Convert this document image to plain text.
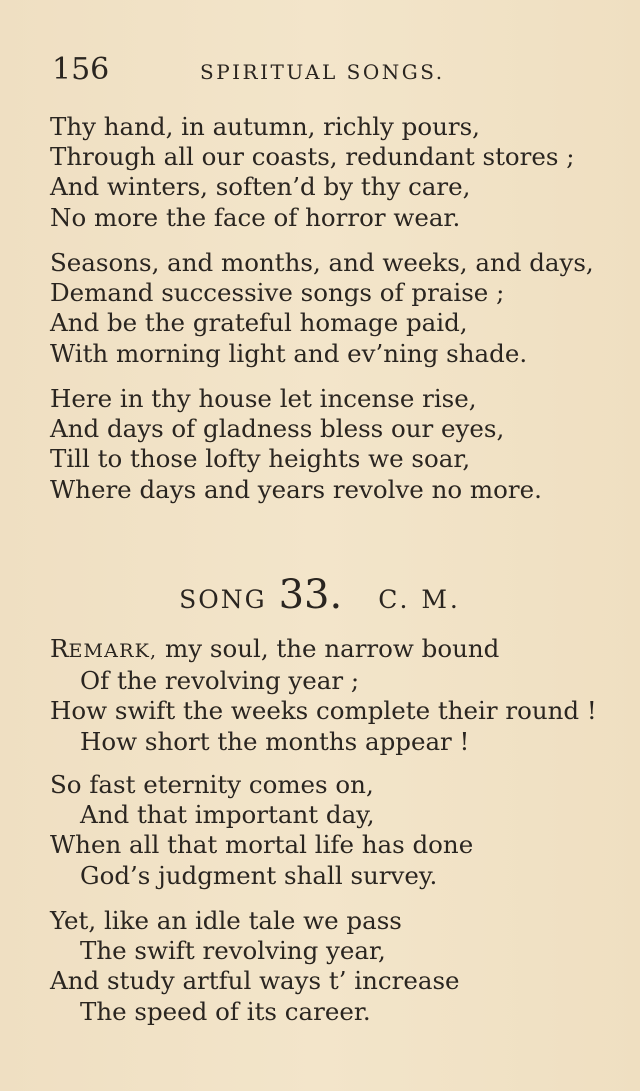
156	SPIRITUAL SONGS.
Thy hand, in autumn, richly pours,
Through all our coasts, redundant stores ;
And winters, soften’d by thy care,
No more the face of horror wear.
Seasons, and months, and weeks, and days,
Demand successive songs of praise ;
And be the grateful homage paid,
With morning light and ev’ning shade.
Here in thy house let incense rise,
And days of gladness bless our eyes,
Till to those lofty heights we soar,
Where days and years revolve no more.
SONG 33. C. M.
REMARK, my soul, the narrow bound
Of the revolving year ;
How swift the weeks complete their round !
How short the months appear !
So fast eternity comes on,
And that important day,
When all that mortal life has done
God’s judgment shall survey.
Yet, like an idle tale we pass
The swift revolving year,
And study artful ways t’ increase
The speed of its career.
